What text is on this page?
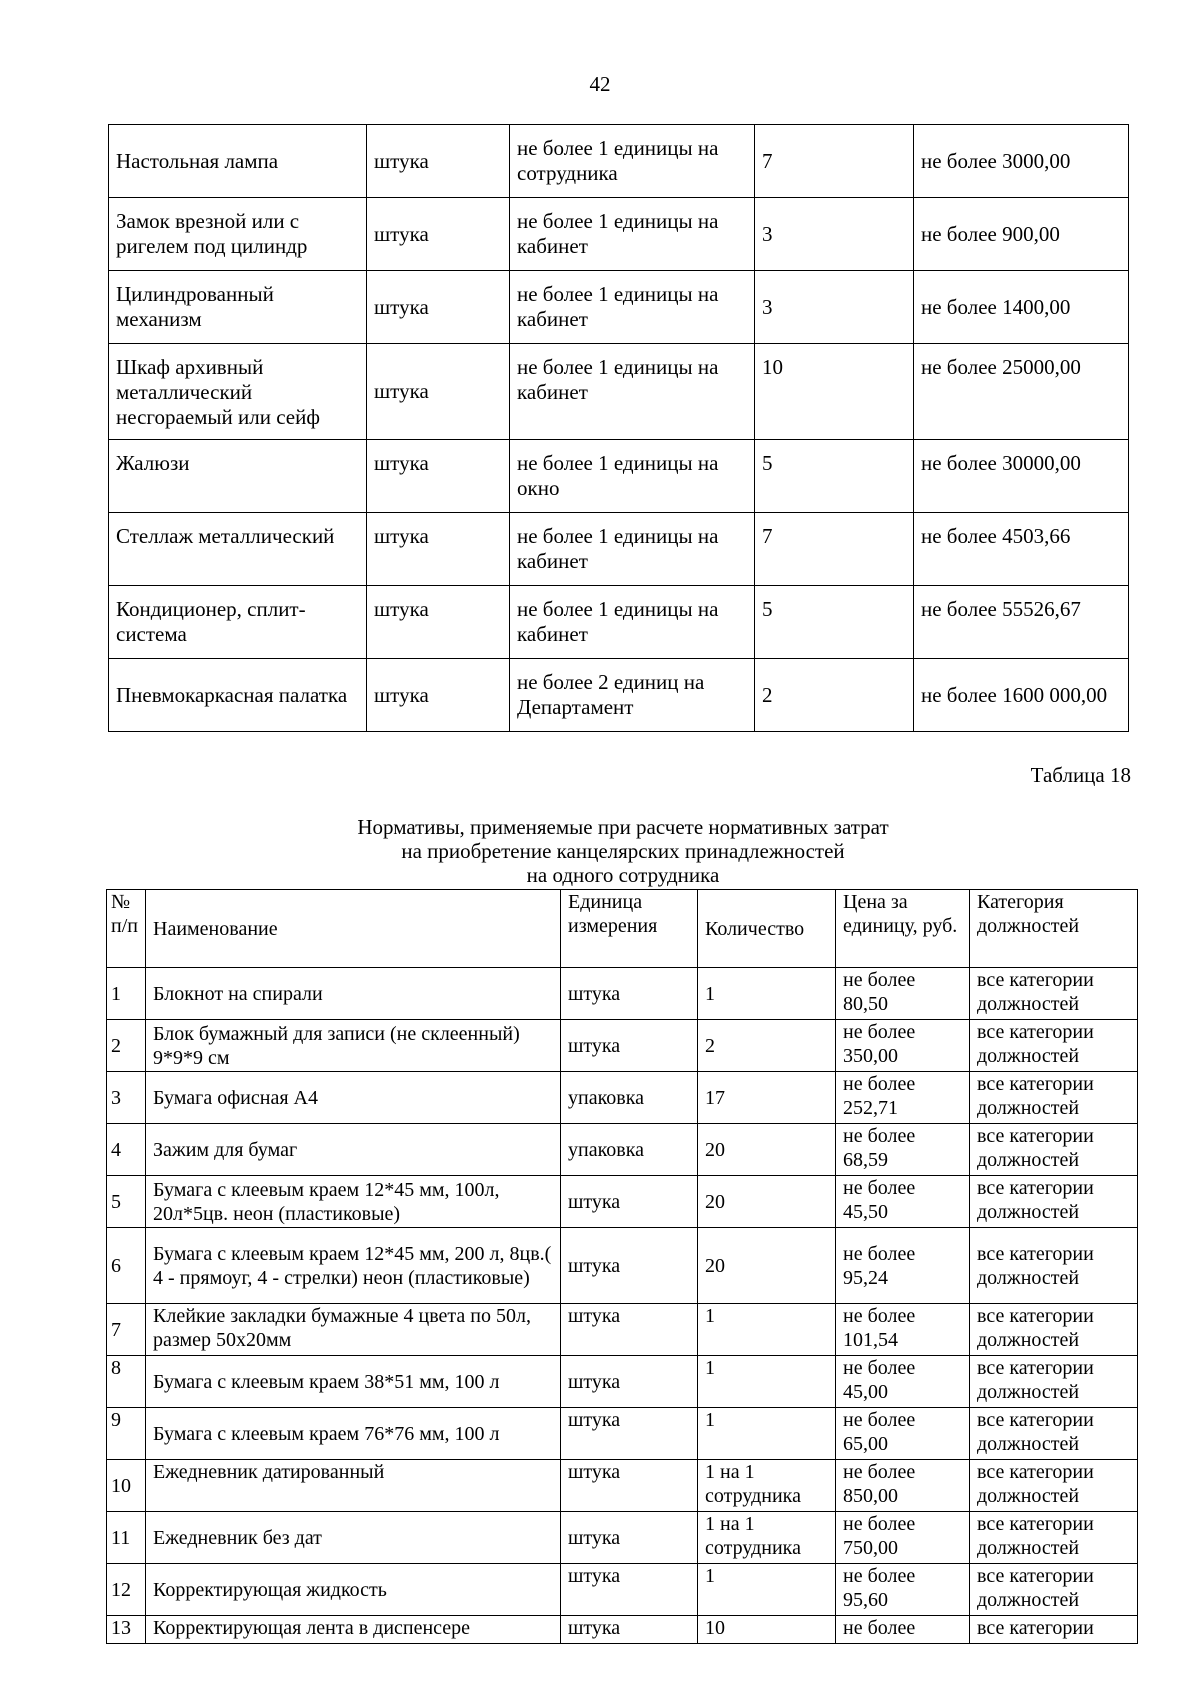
42
Настольная лампа	штука	не более 1 единицы на сотрудника	7	не более 3000,00
Замок врезной или с ригелем под цилиндр	штука	не более 1 единицы на кабинет	3	не более 900,00
Цилиндрованный механизм	штука	не более 1 единицы на кабинет	3	не более 1400,00
Шкаф архивный металлический несгораемый или сейф	штука	не более 1 единицы на кабинет	10	не более 25000,00
Жалюзи	штука	не более 1 единицы на окно	5	не более 30000,00
Стеллаж металлический	штука	не более 1 единицы на кабинет	7	не более 4503,66
Кондиционер, сплит-система	штука	не более 1 единицы на кабинет	5	не более 55526,67
Пневмокаркасная палатка	штука	не более 2 единиц на Департамент	2	не более 1600 000,00
Таблица 18
Нормативы, применяемые при расчете нормативных затрат
на приобретение канцелярских принадлежностей
на одного сотрудника
№ п/п	Наименование	Единица измерения	Количество	Цена за единицу, руб.	Категория должностей
1	Блокнот на спирали	штука	1	не более 80,50	все категории должностей
2	Блок бумажный для записи (не склеенный) 9*9*9 см	штука	2	не более 350,00	все категории должностей
3	Бумага офисная А4	упаковка	17	не более 252,71	все категории должностей
4	Зажим для бумаг	упаковка	20	не более 68,59	все категории должностей
5	Бумага с клеевым краем 12*45 мм, 100л, 20л*5цв. неон (пластиковые)	штука	20	не более 45,50	все категории должностей
6	Бумага с клеевым краем 12*45 мм, 200 л, 8цв.( 4 - прямоуг, 4 - стрелки) неон (пластиковые)	штука	20	не более 95,24	все категории должностей
7	Клейкие закладки бумажные 4 цвета по 50л, размер 50х20мм	штука	1	не более 101,54	все категории должностей
8	Бумага с клеевым краем 38*51 мм, 100 л	штука	1	не более 45,00	все категории должностей
9	Бумага с клеевым краем 76*76 мм, 100 л	штука	1	не более 65,00	все категории должностей
10	Ежедневник датированный	штука	1 на 1 сотрудника	не более 850,00	все категории должностей
11	Ежедневник без дат	штука	1 на 1 сотрудника	не более 750,00	все категории должностей
12	Корректирующая жидкость	штука	1	не более 95,60	все категории должностей
13	Корректирующая лента в диспенсере	штука	10	не более	все категории
